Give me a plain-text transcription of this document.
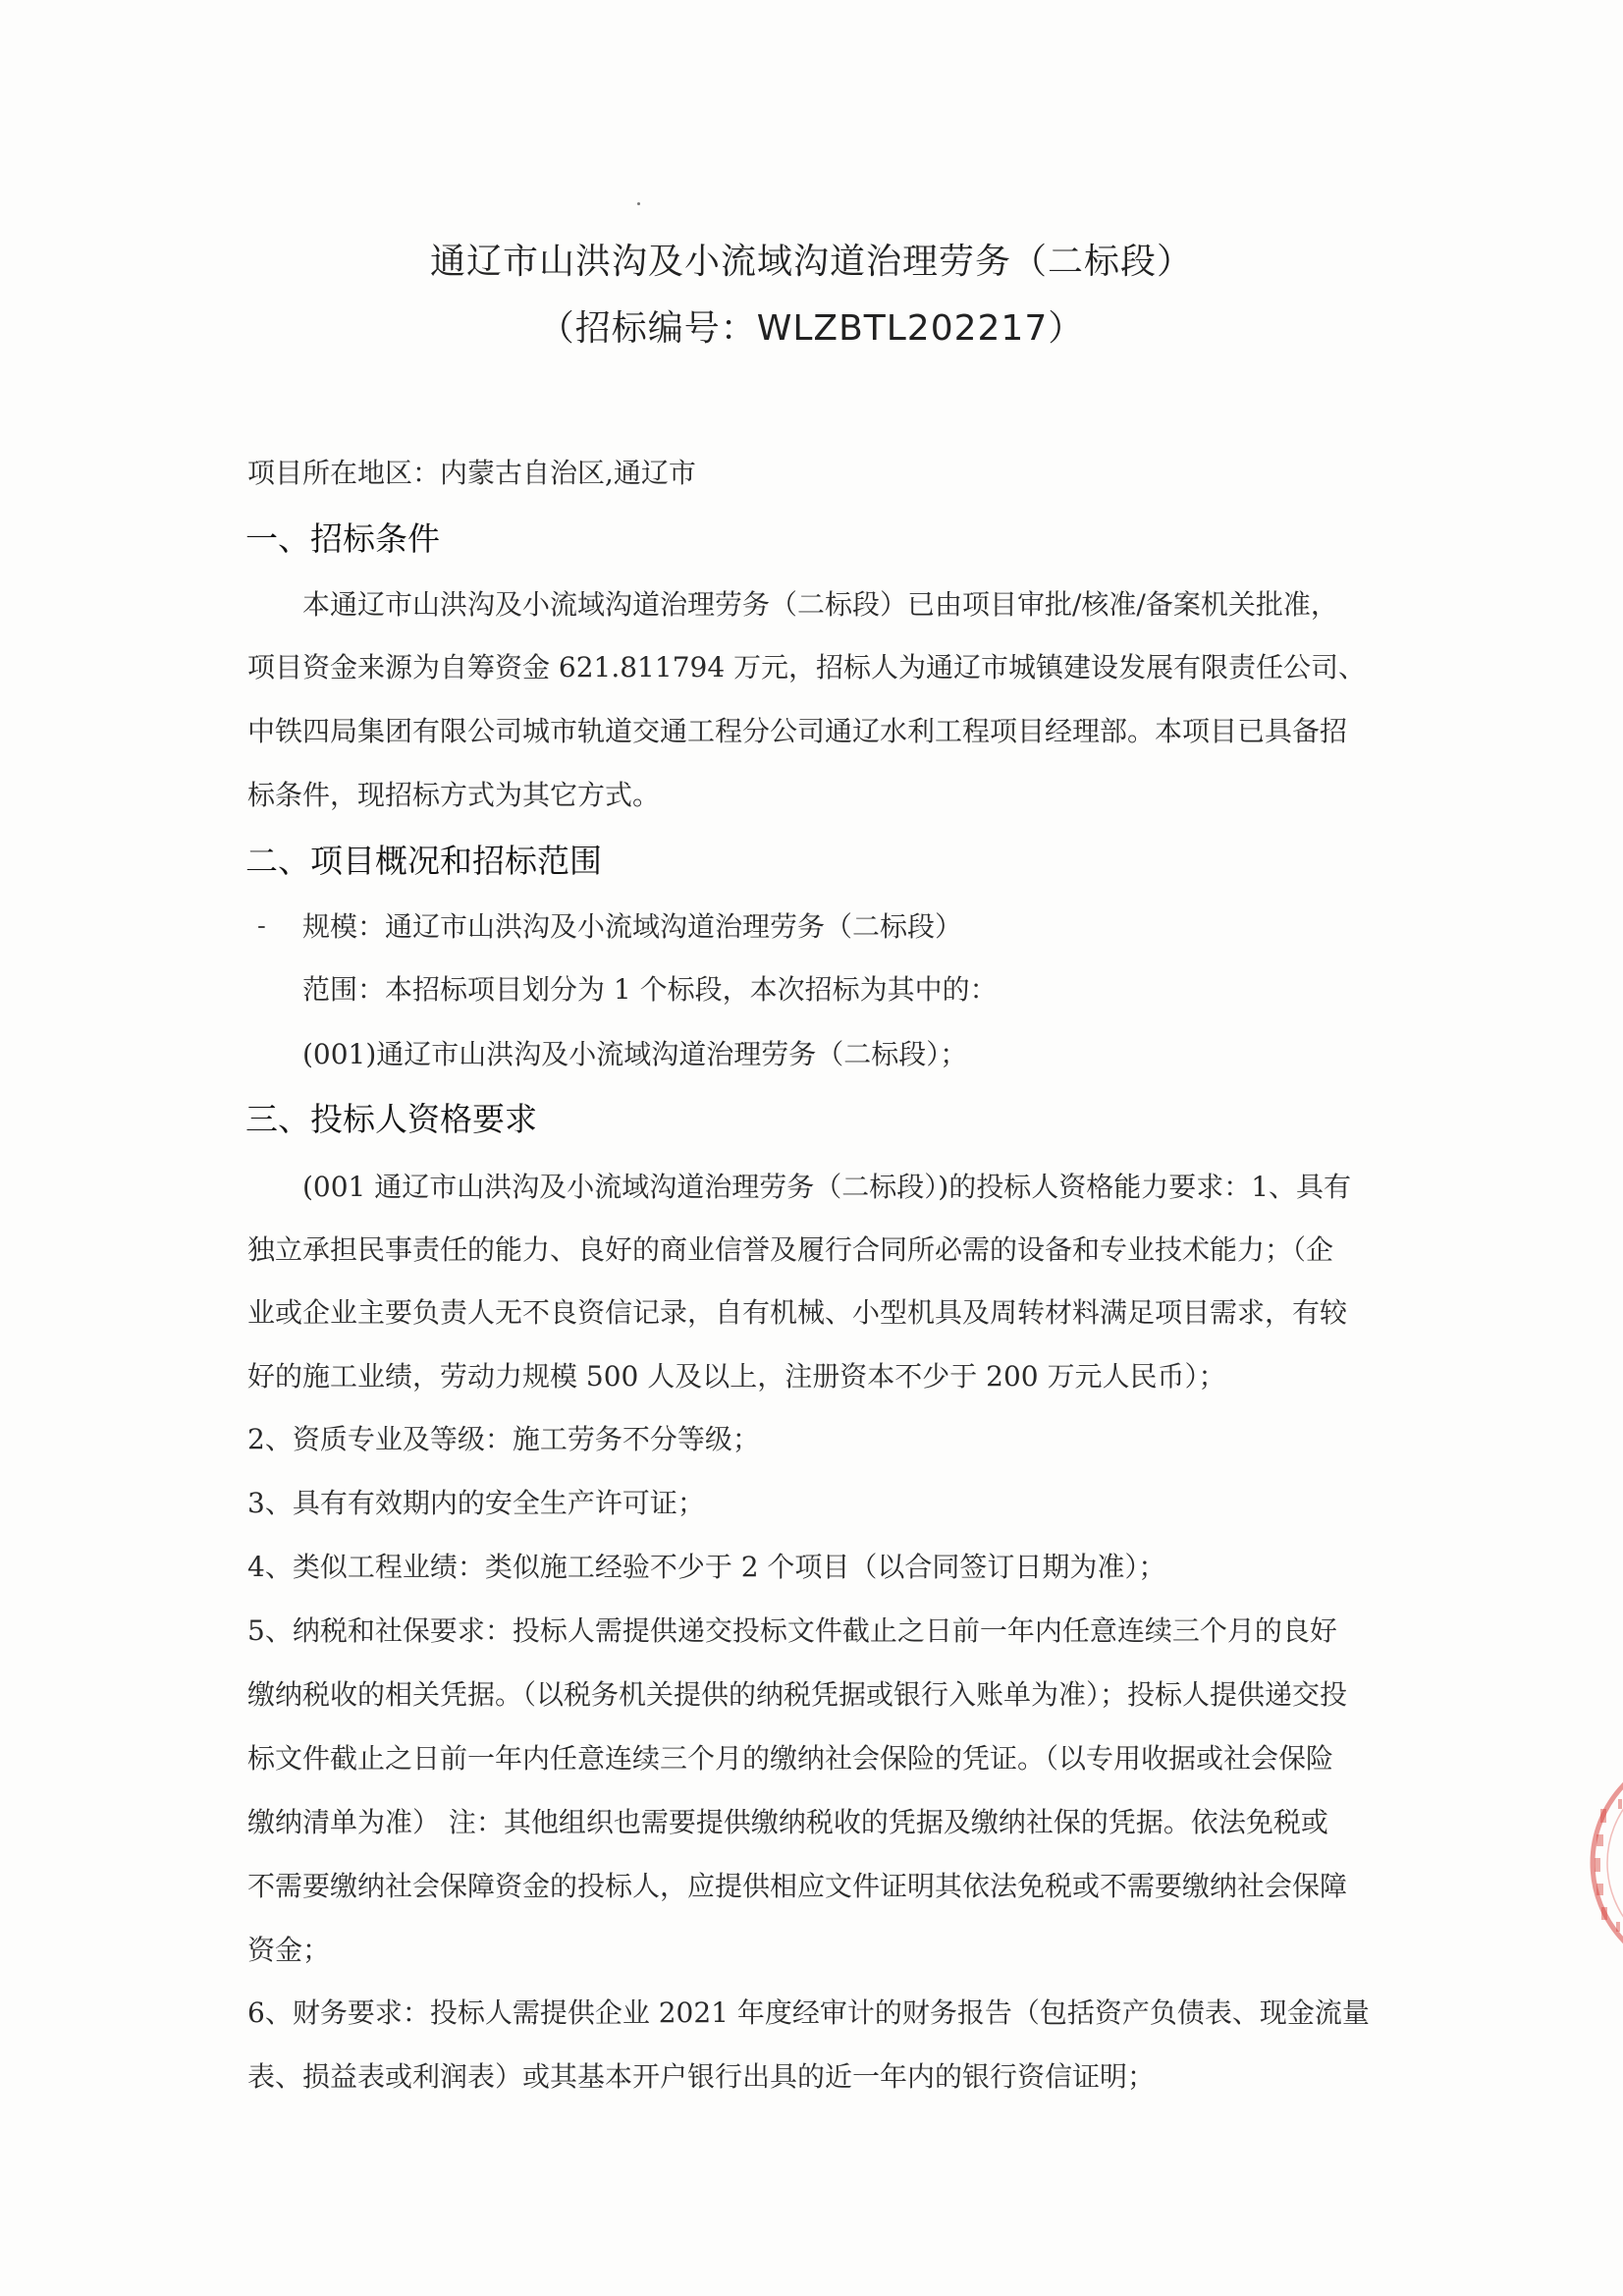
通辽市山洪沟及小流域沟道治理劳务（二标段）
（招标编号：WLZBTL202217）
项目所在地区：内蒙古自治区,通辽市
一、招标条件
本通辽市山洪沟及小流域沟道治理劳务（二标段）已由项目审批/核准/备案机关批准，
项目资金来源为自筹资金 621.811794 万元，招标人为通辽市城镇建设发展有限责任公司、
中铁四局集团有限公司城市轨道交通工程分公司通辽水利工程项目经理部。本项目已具备招
标条件，现招标方式为其它方式。
二、项目概况和招标范围
- 规模：通辽市山洪沟及小流域沟道治理劳务（二标段）
范围：本招标项目划分为 1 个标段，本次招标为其中的：
(001)通辽市山洪沟及小流域沟道治理劳务（二标段）；
三、投标人资格要求
(001 通辽市山洪沟及小流域沟道治理劳务（二标段）)的投标人资格能力要求：1、具有
独立承担民事责任的能力、良好的商业信誉及履行合同所必需的设备和专业技术能力；（企
业或企业主要负责人无不良资信记录，自有机械、小型机具及周转材料满足项目需求，有较
好的施工业绩，劳动力规模 500 人及以上，注册资本不少于 200 万元人民币）；
2、资质专业及等级：施工劳务不分等级；
3、具有有效期内的安全生产许可证；
4、类似工程业绩：类似施工经验不少于 2 个项目（以合同签订日期为准）；
5、纳税和社保要求：投标人需提供递交投标文件截止之日前一年内任意连续三个月的良好
缴纳税收的相关凭据。（以税务机关提供的纳税凭据或银行入账单为准）；投标人提供递交投
标文件截止之日前一年内任意连续三个月的缴纳社会保险的凭证。（以专用收据或社会保险
缴纳清单为准） 注：其他组织也需要提供缴纳税收的凭据及缴纳社保的凭据。依法免税或
不需要缴纳社会保障资金的投标人，应提供相应文件证明其依法免税或不需要缴纳社会保障
资金；
6、财务要求：投标人需提供企业 2021 年度经审计的财务报告（包括资产负债表、现金流量
表、损益表或利润表）或其基本开户银行出具的近一年内的银行资信证明；
